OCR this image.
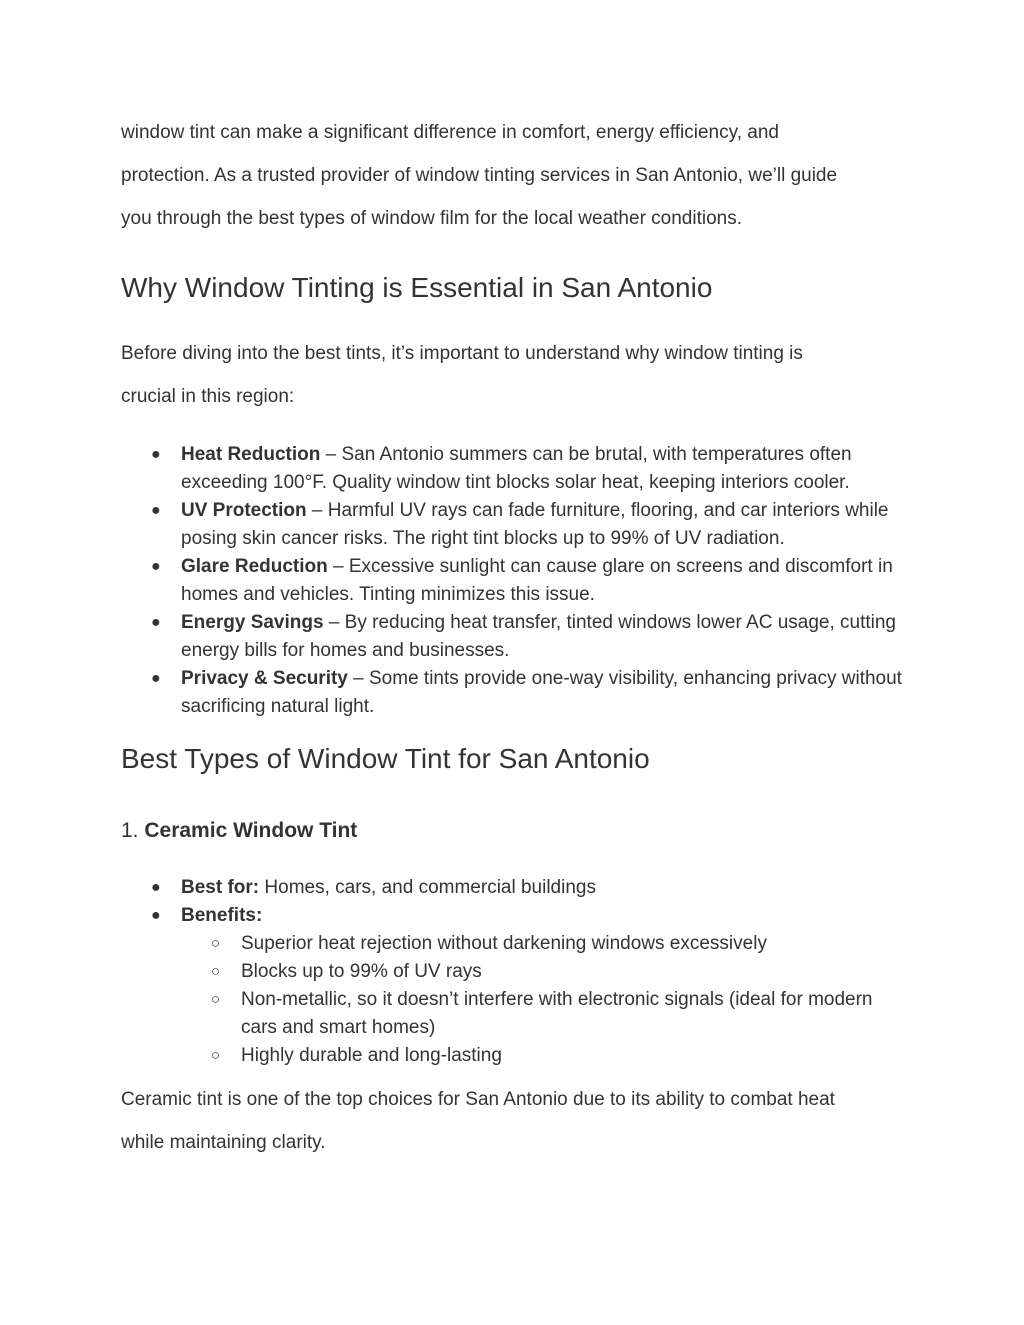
window tint can make a significant difference in comfort, energy efficiency, and

protection. As a trusted provider of window tinting services in San Antonio, we’ll guide

you through the best types of window film for the local weather conditions.

Why Window Tinting is Essential in San Antonio

Before diving into the best tints, it’s important to understand why window tinting is

crucial in this region:

● Heat Reduction – San Antonio summers can be brutal, with temperatures often exceeding 100°F. Quality window tint blocks solar heat, keeping interiors cooler.
● UV Protection – Harmful UV rays can fade furniture, flooring, and car interiors while posing skin cancer risks. The right tint blocks up to 99% of UV radiation.
● Glare Reduction – Excessive sunlight can cause glare on screens and discomfort in homes and vehicles. Tinting minimizes this issue.
● Energy Savings – By reducing heat transfer, tinted windows lower AC usage, cutting energy bills for homes and businesses.
● Privacy & Security – Some tints provide one-way visibility, enhancing privacy without sacrificing natural light.
Best Types of Window Tint for San Antonio
1. Ceramic Window Tint
● Best for: Homes, cars, and commercial buildings
● Benefits:
○	Superior heat rejection without darkening windows excessively
○	Blocks up to 99% of UV rays
○	Non-metallic, so it doesn’t interfere with electronic signals (ideal for modern cars and smart homes)
○	Highly durable and long-lasting

Ceramic tint is one of the top choices for San Antonio due to its ability to combat heat

while maintaining clarity.
